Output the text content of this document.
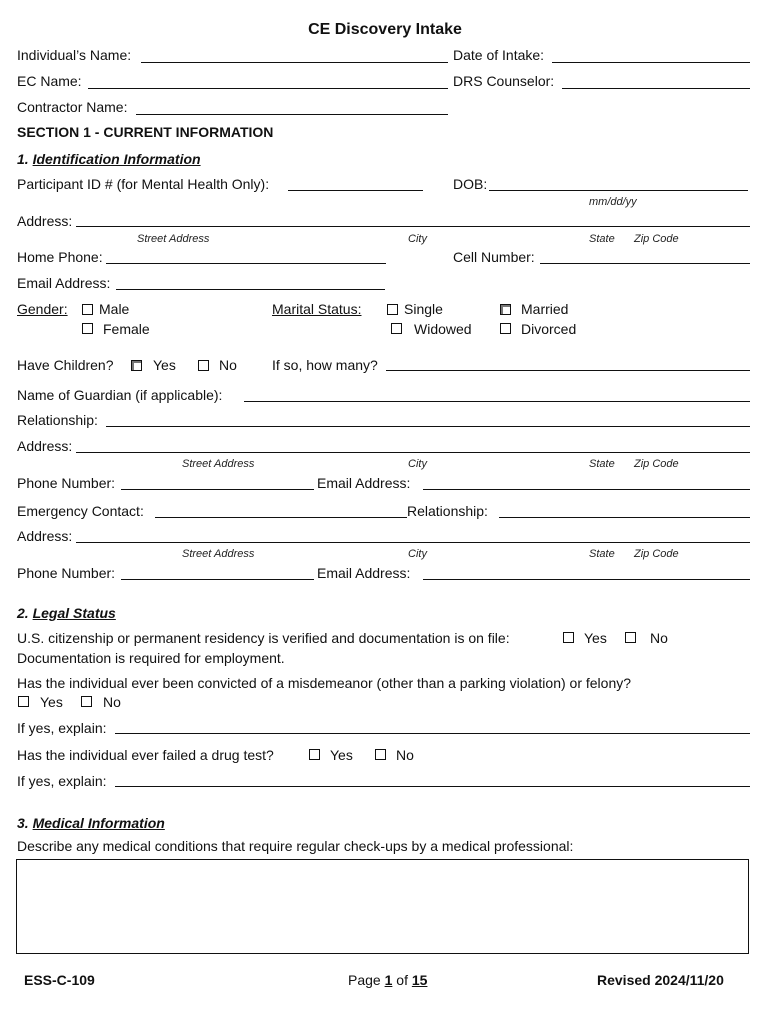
CE Discovery Intake
Individual’s Name:	Date of Intake:
EC Name:	DRS Counselor:
Contractor Name:
SECTION 1 - CURRENT INFORMATION
1. Identification Information
Participant ID # (for Mental Health Only):	DOB:
mm/dd/yy
Address:
Street Address	City	State Zip Code
Home Phone:	Cell Number:
Email Address:
Gender: Male
Female
Marital Status:	Single	Married
Widowed	Divorced
Have Children?	Yes	No	If so, how many?
Name of Guardian (if applicable):
Relationship:
Address:
Street Address	City	State Zip Code
Phone Number:	Email Address:
Emergency Contact:	Relationship:
Address:
Street Address	City	State Zip Code
Phone Number:	Email Address:
2. Legal Status
U.S. citizenship or permanent residency is verified and documentation is on file:	Yes	No
Documentation is required for employment.
Has the individual ever been convicted of a misdemeanor (other than a parking violation) or felony?
Yes	No
If yes, explain:
Has the individual ever failed a drug test?	Yes	No
If yes, explain:
3. Medical Information
Describe any medical conditions that require regular check-ups by a medical professional:
ESS-C-109	Page 1 of 15	Revised 2024/11/20
